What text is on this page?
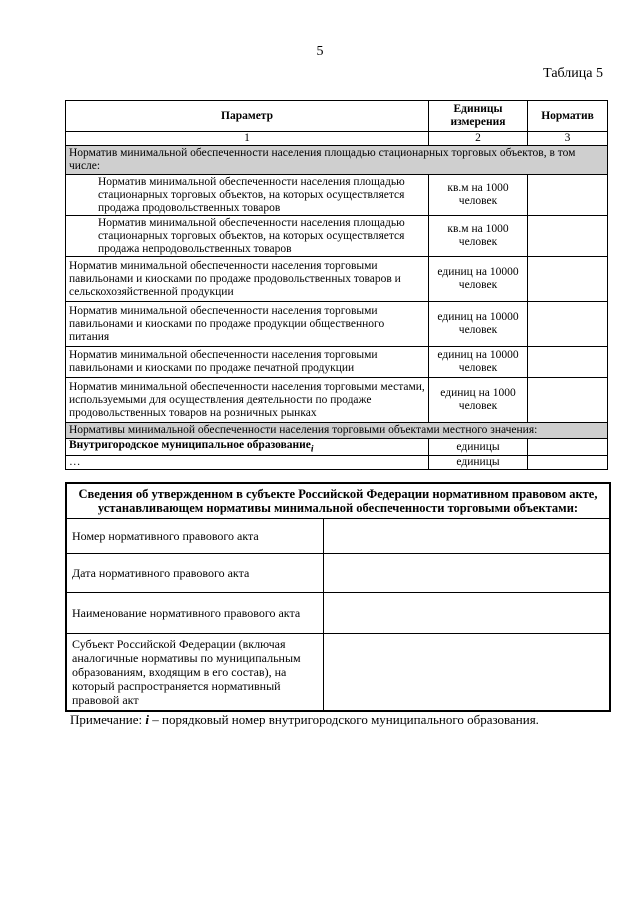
5
Таблица 5
Параметр	Единицы измерения	Норматив
1	2	3
Норматив минимальной обеспеченности населения площадью стационарных торговых объектов, в том числе:		
Норматив минимальной обеспеченности населения площадью стационарных торговых объектов, на которых осуществляется продажа продовольственных товаров	кв.м на 1000 человек	
Норматив минимальной обеспеченности населения площадью стационарных торговых объектов, на которых осуществляется продажа непродовольственных товаров	кв.м на 1000 человек	
Норматив минимальной обеспеченности населения торговыми павильонами и киосками по продаже продовольственных товаров и сельскохозяйственной продукции	единиц на 10000 человек	
Норматив минимальной обеспеченности населения торговыми павильонами и киосками по продаже продукции общественного питания	единиц на 10000 человек	
Норматив минимальной обеспеченности населения торговыми павильонами и киосками по продаже печатной продукции	единиц на 10000 человек	
Норматив минимальной обеспеченности населения торговыми местами, используемыми для осуществления деятельности по продаже продовольственных товаров на розничных рынках	единиц на 1000 человек	
Нормативы минимальной обеспеченности населения торговыми объектами местного значения:		
Внутригородское муниципальное образование$_i$	единицы	
…	единицы	
Сведения об утвержденном в субъекте Российской Федерации нормативном правовом акте, устанавливающем нормативы минимальной обеспеченности торговыми объектами:	
Номер нормативного правового акта	
Дата нормативного правового акта	
Наименование нормативного правового акта	
Субъект Российской Федерации (включая аналогичные нормативы по муниципальным образованиям, входящим в его состав), на который распространяется нормативный правовой акт	
Примечание: i – порядковый номер внутригородского муниципального образования.
